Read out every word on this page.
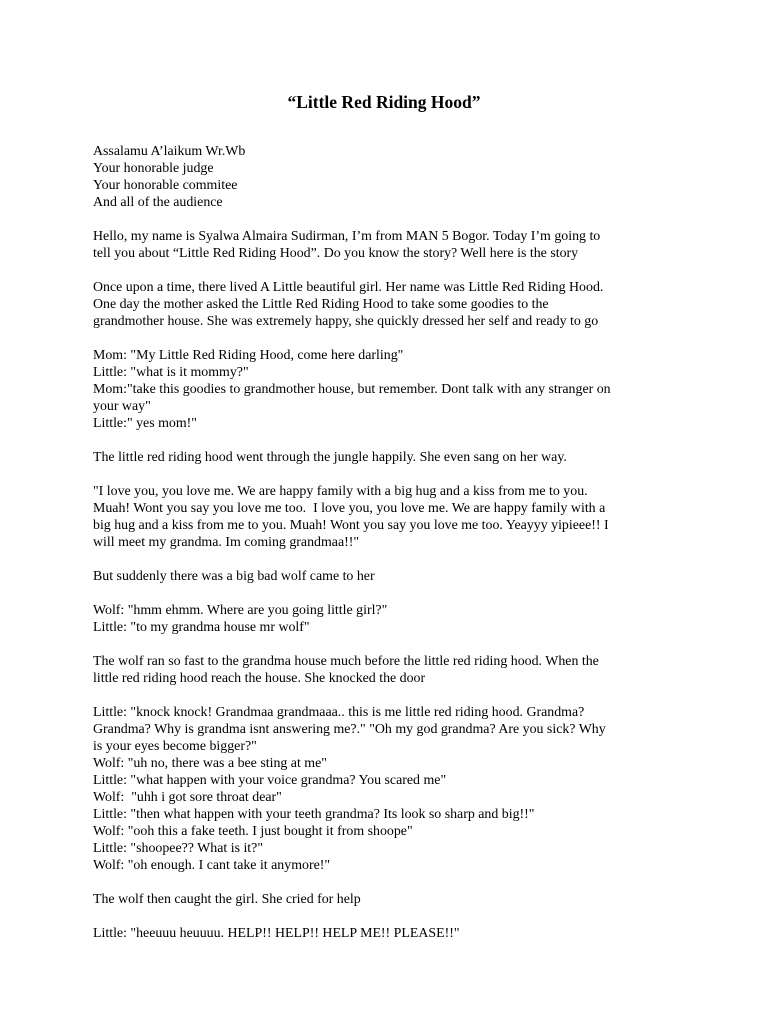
“Little Red Riding Hood”
Assalamu A’laikum Wr.Wb
Your honorable judge
Your honorable commitee
And all of the audience
Hello, my name is Syalwa Almaira Sudirman, I’m from MAN 5 Bogor. Today I’m going to
tell you about “Little Red Riding Hood”. Do you know the story? Well here is the story
Once upon a time, there lived A Little beautiful girl. Her name was Little Red Riding Hood.
One day the mother asked the Little Red Riding Hood to take some goodies to the
grandmother house. She was extremely happy, she quickly dressed her self and ready to go
Mom: "My Little Red Riding Hood, come here darling"
Little: "what is it mommy?"
Mom:"take this goodies to grandmother house, but remember. Dont talk with any stranger on
your way"
Little:" yes mom!"
The little red riding hood went through the jungle happily. She even sang on her way.
"I love you, you love me. We are happy family with a big hug and a kiss from me to you.
Muah! Wont you say you love me too.  I love you, you love me. We are happy family with a
big hug and a kiss from me to you. Muah! Wont you say you love me too. Yeayyy yipieee!! I
will meet my grandma. Im coming grandmaa!!"
But suddenly there was a big bad wolf came to her
Wolf: "hmm ehmm. Where are you going little girl?"
Little: "to my grandma house mr wolf"
The wolf ran so fast to the grandma house much before the little red riding hood. When the
little red riding hood reach the house. She knocked the door
Little: "knock knock! Grandmaa grandmaaa.. this is me little red riding hood. Grandma?
Grandma? Why is grandma isnt answering me?." "Oh my god grandma? Are you sick? Why
is your eyes become bigger?"
Wolf: "uh no, there was a bee sting at me"
Little: "what happen with your voice grandma? You scared me"
Wolf:  "uhh i got sore throat dear"
Little: "then what happen with your teeth grandma? Its look so sharp and big!!"
Wolf: "ooh this a fake teeth. I just bought it from shoope"
Little: "shoopee?? What is it?"
Wolf: "oh enough. I cant take it anymore!"
The wolf then caught the girl. She cried for help
Little: "heeuuu heuuuu. HELP!! HELP!! HELP ME!! PLEASE!!"
